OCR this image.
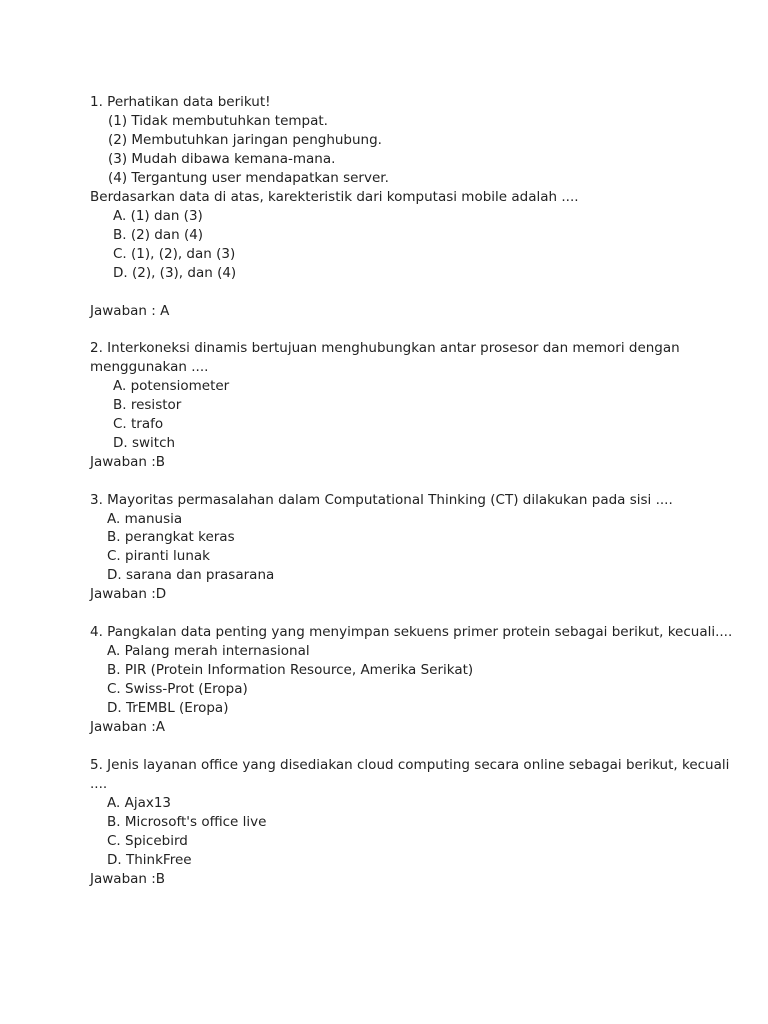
1. Perhatikan data berikut!
(1) Tidak membutuhkan tempat.
(2) Membutuhkan jaringan penghubung.
(3) Mudah dibawa kemana-mana.
(4) Tergantung user mendapatkan server.
Berdasarkan data di atas, karekteristik dari komputasi mobile adalah ....
A. (1) dan (3)
B. (2) dan (4)
C. (1), (2), dan (3)
D. (2), (3), dan (4)
Jawaban : A
2. Interkoneksi dinamis bertujuan menghubungkan antar prosesor dan memori dengan
menggunakan ....
A. potensiometer
B. resistor
C. trafo
D. switch
Jawaban :B
3. Mayoritas permasalahan dalam Computational Thinking (CT) dilakukan pada sisi ....
A. manusia
B. perangkat keras
C. piranti lunak
D. sarana dan prasarana
Jawaban :D
4. Pangkalan data penting yang menyimpan sekuens primer protein sebagai berikut, kecuali....
A. Palang merah internasional
B. PIR (Protein Information Resource, Amerika Serikat)
C. Swiss-Prot (Eropa)
D. TrEMBL (Eropa)
Jawaban :A
5. Jenis layanan office yang disediakan cloud computing secara online sebagai berikut, kecuali
....
A. Ajax13
B. Microsoft's office live
C. Spicebird
D. ThinkFree
Jawaban :B
